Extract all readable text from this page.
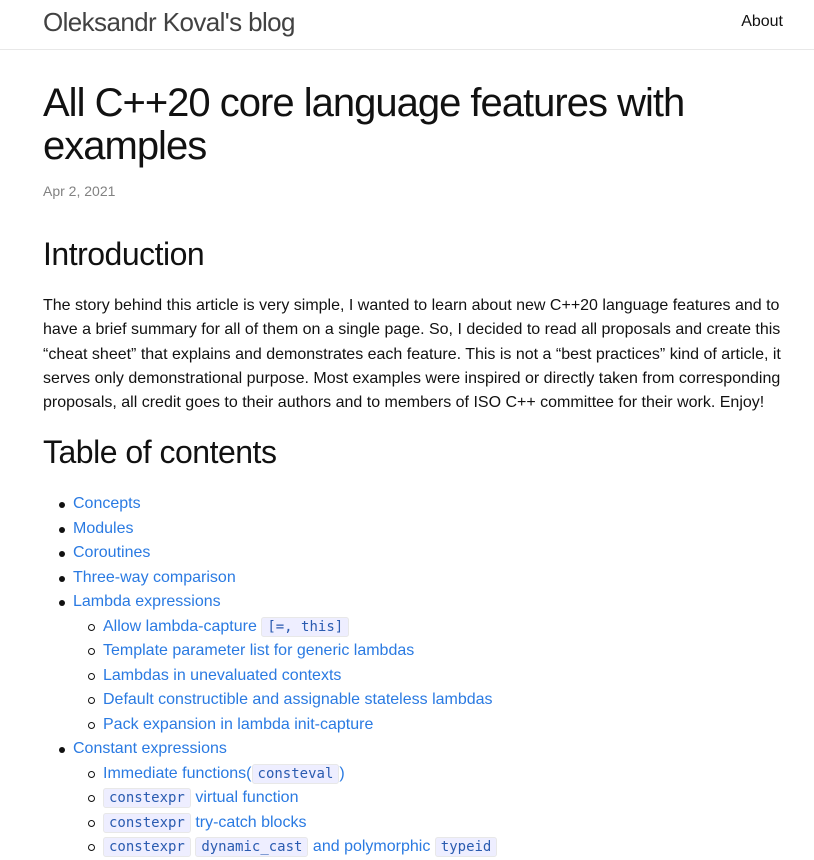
Oleksandr Koval's blog	About
All C++20 core language features with examples
Apr 2, 2021
Introduction

The story behind this article is very simple, I wanted to learn about new C++20 language features and to have a brief summary for all of them on a single page. So, I decided to read all proposals and create this “cheat sheet” that explains and demonstrates each feature. This is not a “best practices” kind of article, it serves only demonstrational purpose. Most examples were inspired or directly taken from corresponding proposals, all credit goes to their authors and to members of ISO C++ committee for their work. Enjoy!

Table of contents
Concepts
Modules
Coroutines
Three-way comparison
Lambda expressions
Allow lambda-capture [=, this]
Template parameter list for generic lambdas
Lambdas in unevaluated contexts
Default constructible and assignable stateless lambdas
Pack expansion in lambda init-capture
Constant expressions
Immediate functions( consteval )
constexpr virtual function
constexpr try-catch blocks
constexpr dynamic_cast and polymorphic typeid
